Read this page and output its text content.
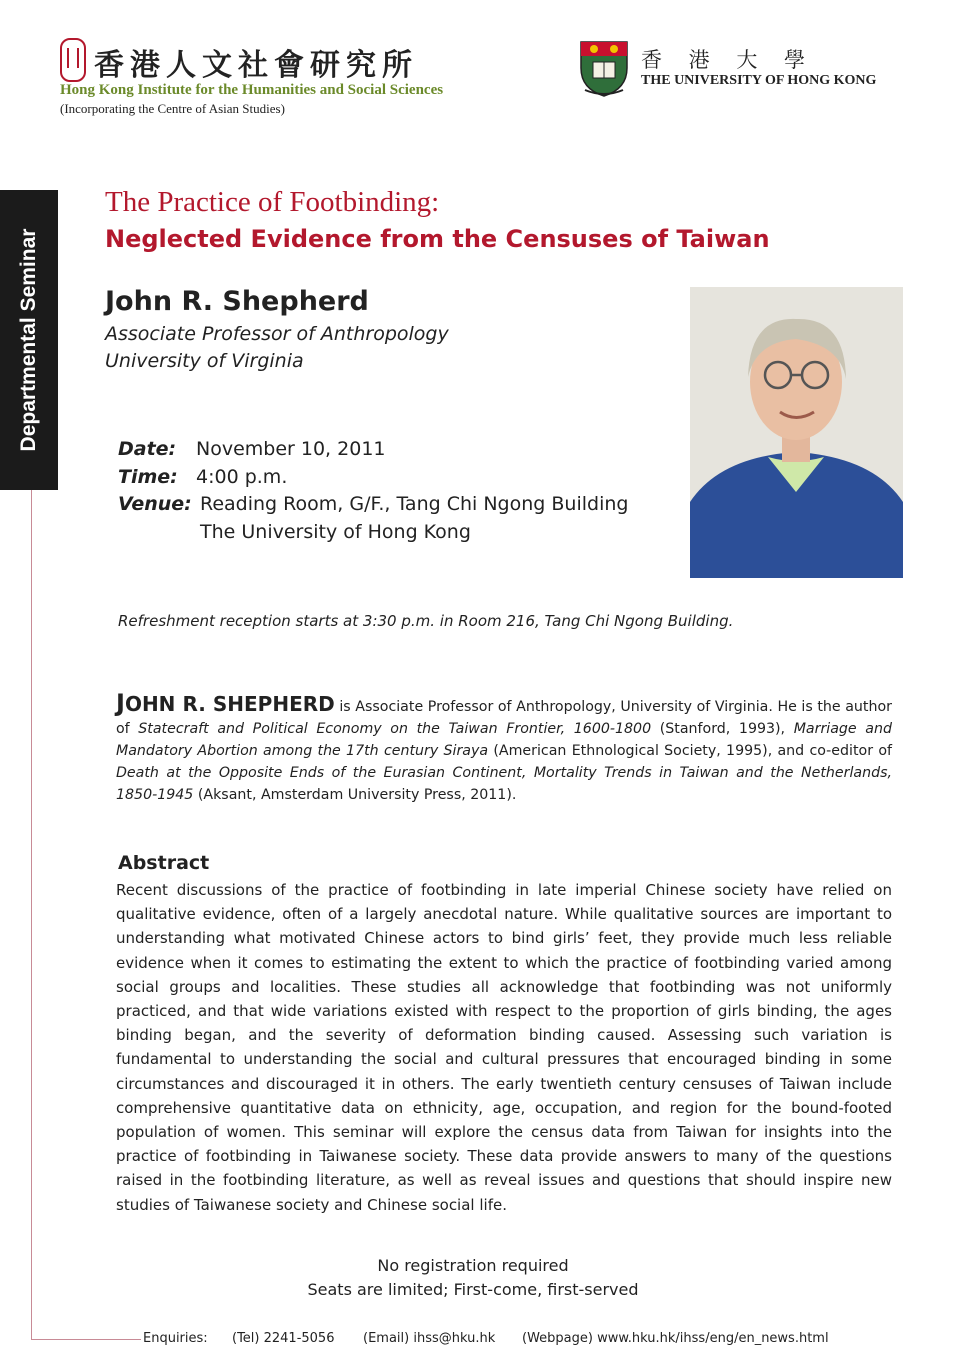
香港人文社會研究所
Hong Kong Institute for the Humanities and Social Sciences
(Incorporating the Centre of Asian Studies)
香 港 大 學
THE UNIVERSITY OF HONG KONG
Departmental Seminar
The Practice of Footbinding:
Neglected Evidence from the Censuses of Taiwan
John R. Shepherd
Associate Professor of Anthropology
University of Virginia
Date: November 10, 2011
Time: 4:00 p.m.
Venue: Reading Room, G/F., Tang Chi Ngong Building
The University of Hong Kong
Refreshment reception starts at 3:30 p.m. in Room 216, Tang Chi Ngong Building.
JOHN R. SHEPHERD is Associate Professor of Anthropology, University of Virginia. He is the author of Statecraft and Political Economy on the Taiwan Frontier, 1600-1800 (Stanford, 1993), Marriage and Mandatory Abortion among the 17th century Siraya (American Ethnological Society, 1995), and co-editor of Death at the Opposite Ends of the Eurasian Continent, Mortality Trends in Taiwan and the Netherlands, 1850-1945 (Aksant, Amsterdam University Press, 2011).
Abstract
Recent discussions of the practice of footbinding in late imperial Chinese society have relied on qualitative evidence, often of a largely anecdotal nature. While qualitative sources are important to understanding what motivated Chinese actors to bind girls’ feet, they provide much less reliable evidence when it comes to estimating the extent to which the practice of footbinding varied among social groups and localities. These studies all acknowledge that footbinding was not uniformly practiced, and that wide variations existed with respect to the proportion of girls binding, the ages binding began, and the severity of deformation binding caused. Assessing such variation is fundamental to understanding the social and cultural pressures that encouraged binding in some circumstances and discouraged it in others. The early twentieth century censuses of Taiwan include comprehensive quantitative data on ethnicity, age, occupation, and region for the bound-footed population of women. This seminar will explore the census data from Taiwan for insights into the practice of footbinding in Taiwanese society. These data provide answers to many of the questions raised in the footbinding literature, as well as reveal issues and questions that should inspire new studies of Taiwanese society and Chinese social life.
No registration required
Seats are limited; First-come, first-served
Enquiries: (Tel) 2241-5056 (Email) ihss@hku.hk (Webpage) www.hku.hk/ihss/eng/en_news.html
